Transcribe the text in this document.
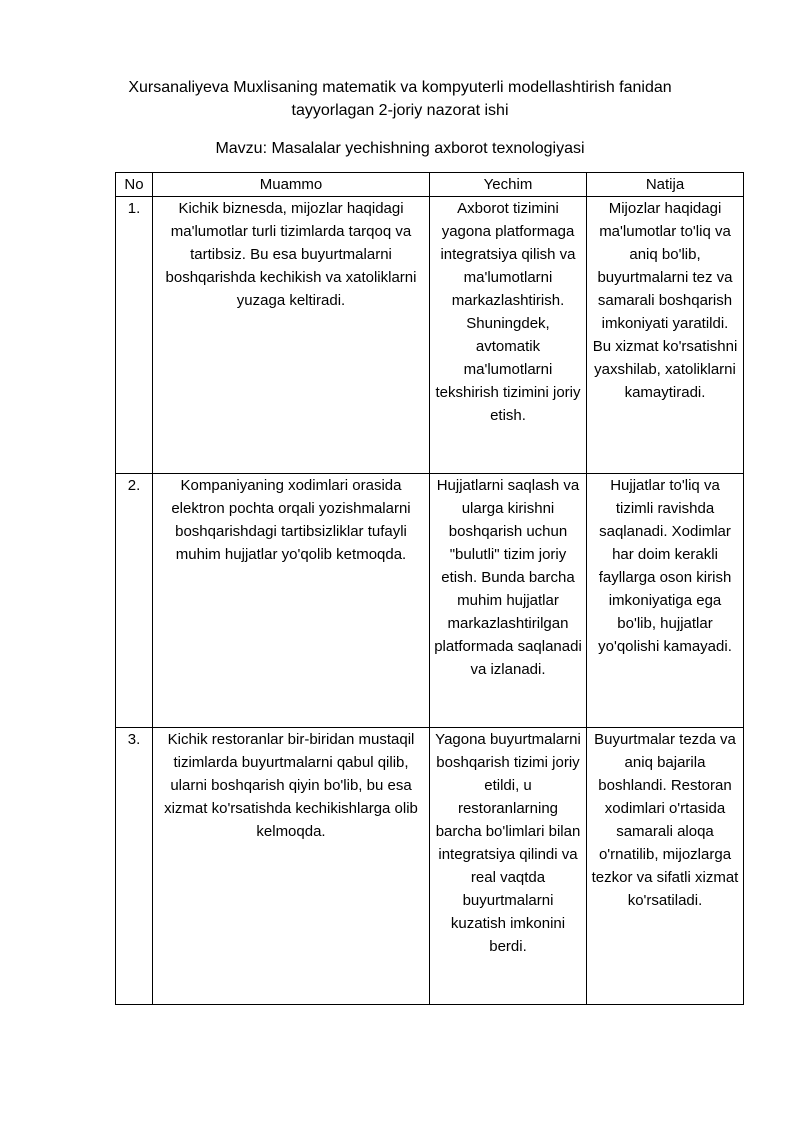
Xursanaliyeva Muxlisaning matematik va kompyuterli modellashtirish fanidan tayyorlagan 2-joriy nazorat ishi
Mavzu: Masalalar yechishning axborot texnologiyasi
No	Muammo	Yechim	Natija
1.	Kichik biznesda, mijozlar haqidagi ma'lumotlar turli tizimlarda tarqoq va tartibsiz. Bu esa buyurtmalarni boshqarishda kechikish va xatoliklarni yuzaga keltiradi.	Axborot tizimini yagona platformaga integratsiya qilish va ma'lumotlarni markazlashtirish. Shuningdek, avtomatik ma'lumotlarni tekshirish tizimini joriy etish.	Mijozlar haqidagi ma'lumotlar to'liq va aniq bo'lib, buyurtmalarni tez va samarali boshqarish imkoniyati yaratildi. Bu xizmat ko'rsatishni yaxshilab, xatoliklarni kamaytiradi.
2.	Kompaniyaning xodimlari orasida elektron pochta orqali yozishmalarni boshqarishdagi tartibsizliklar tufayli muhim hujjatlar yo'qolib ketmoqda.	Hujjatlarni saqlash va ularga kirishni boshqarish uchun "bulutli" tizim joriy etish. Bunda barcha muhim hujjatlar markazlashtirilgan platformada saqlanadi va izlanadi.	Hujjatlar to'liq va tizimli ravishda saqlanadi. Xodimlar har doim kerakli fayllarga oson kirish imkoniyatiga ega bo'lib, hujjatlar yo'qolishi kamayadi.
3.	Kichik restoranlar bir-biridan mustaqil tizimlarda buyurtmalarni qabul qilib, ularni boshqarish qiyin bo'lib, bu esa xizmat ko'rsatishda kechikishlarga olib kelmoqda.	Yagona buyurtmalarni boshqarish tizimi joriy etildi, u restoranlarning barcha bo'limlari bilan integratsiya qilindi va real vaqtda buyurtmalarni kuzatish imkonini berdi.	Buyurtmalar tezda va aniq bajarila boshlandi. Restoran xodimlari o'rtasida samarali aloqa o'rnatilib, mijozlarga tezkor va sifatli xizmat ko'rsatiladi.
